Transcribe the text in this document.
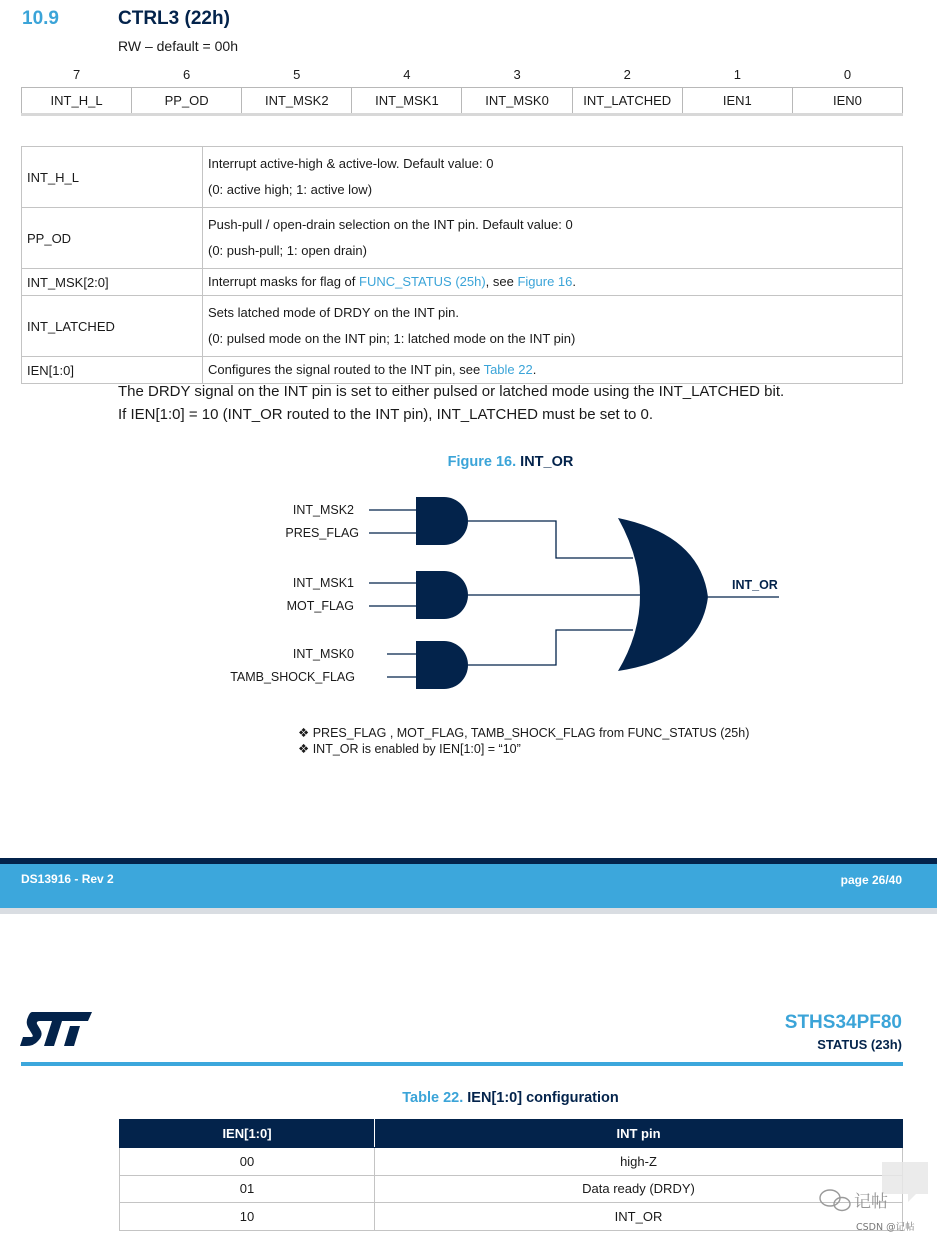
10.9	CTRL3 (22h)
RW – default = 00h
7	6	5	4	3	2	1	0
INT_H_L	PP_OD	INT_MSK2	INT_MSK1	INT_MSK0	INT_LATCHED	IEN1	IEN0

INT_H_L	Interrupt active-high & active-low. Default value: 0
(0: active high; 1: active low)

PP_OD	Push-pull / open-drain selection on the INT pin. Default value: 0
(0: push-pull; 1: open drain)

INT_MSK[2:0]	Interrupt masks for flag of FUNC_STATUS (25h), see Figure 16.
INT_LATCHED	Sets latched mode of DRDY on the INT pin.
(0: pulsed mode on the INT pin; 1: latched mode on the INT pin)

IEN[1:0]	Configures the signal routed to the INT pin, see Table 22.
The DRDY signal on the INT pin is set to either pulsed or latched mode using the INT_LATCHED bit.
If IEN[1:0] = 10 (INT_OR routed to the INT pin), INT_LATCHED must be set to 0.
Figure 16. INT_OR
INT_MSK2
PRES_FLAG
INT_MSK1
MOT_FLAG
INT_MSK0
TAMB_SHOCK_FLAG
INT_OR
❖ PRES_FLAG , MOT_FLAG, TAMB_SHOCK_FLAG from FUNC_STATUS (25h)
❖ INT_OR is enabled by IEN[1:0] = “10”
DS13916 - Rev 2	page 26/40
STHS34PF80
STATUS (23h)
Table 22. IEN[1:0] configuration
IEN[1:0]	INT pin
00	high-Z
01	Data ready (DRDY)
10	INT_OR
记帖
CSDN @记帖
